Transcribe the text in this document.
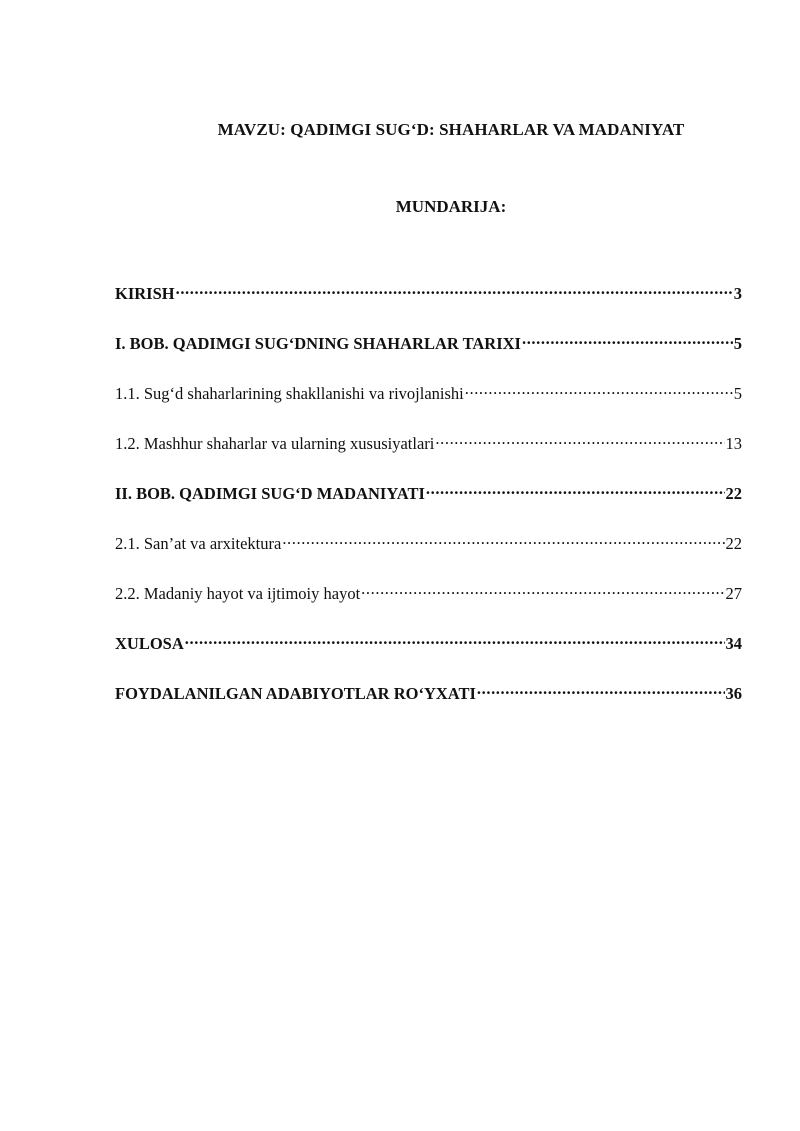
MAVZU: QADIMGI SUG‘D: SHAHARLAR VA MADANIYAT
MUNDARIJA:
KIRISH .....	3
I. BOB. QADIMGI SUG‘DNING SHAHARLAR TARIXI .....	5
1.1. Sug‘d shaharlarining shakllanishi va rivojlanishi .....	5
1.2. Mashhur shaharlar va ularning xususiyatlari .....	13
II. BOB. QADIMGI SUG‘D MADANIYATI .....	22
2.1. San’at va arxitektura .....	22
2.2. Madaniy hayot va ijtimoiy hayot .....	27
XULOSA .....	34
FOYDALANILGAN ADABIYOTLAR RO‘YXATI .....	36
